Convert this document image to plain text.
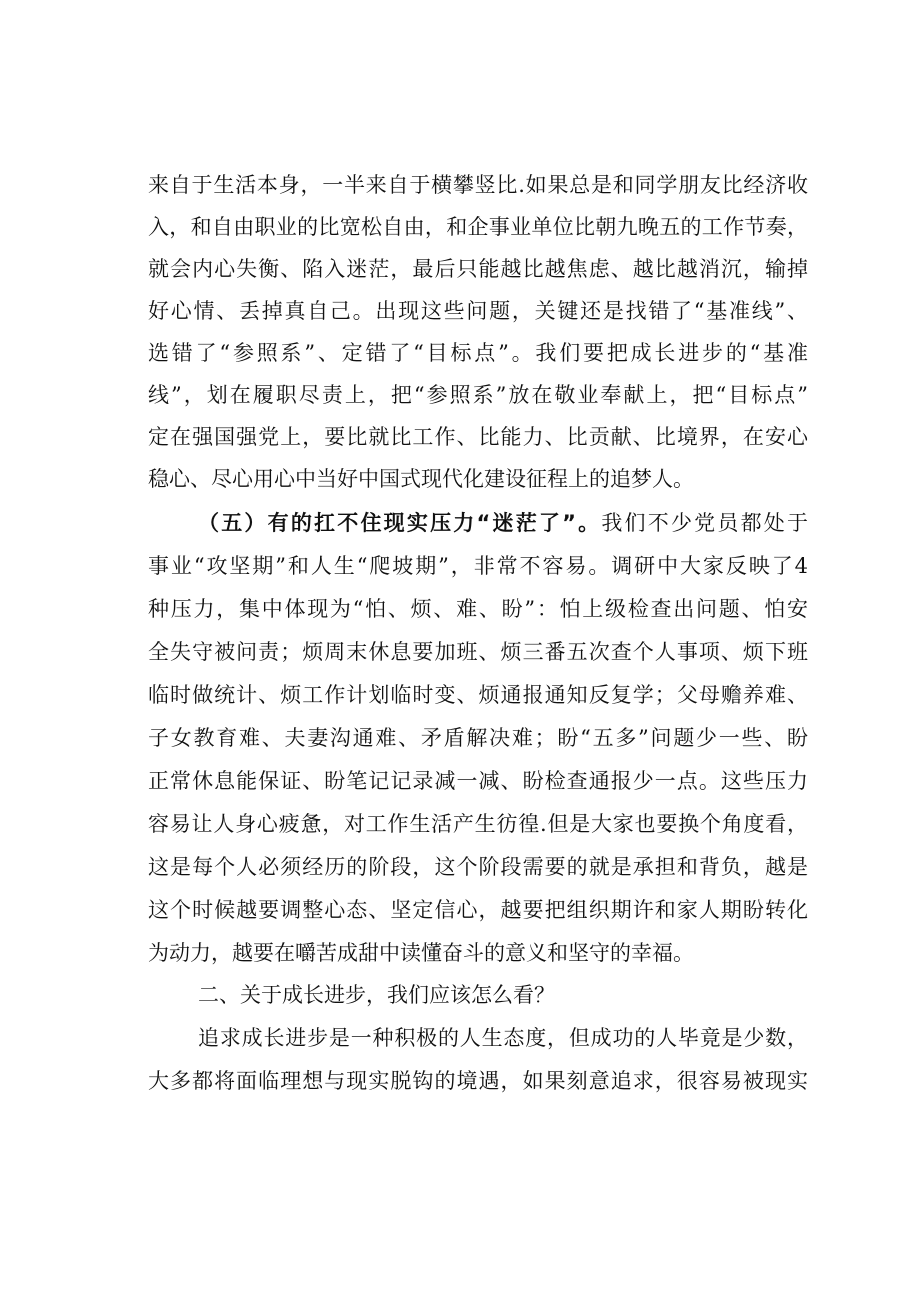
来自于生活本身，一半来自于横攀竖比.如果总是和同学朋友比经济收
入，和自由职业的比宽松自由，和企事业单位比朝九晚五的工作节奏，
就会内心失衡、陷入迷茫，最后只能越比越焦虑、越比越消沉，输掉
好心情、丢掉真自己。出现这些问题，关键还是找错了“基准线”、
选错了“参照系”、定错了“目标点”。我们要把成长进步的“基准
线”，划在履职尽责上，把“参照系”放在敬业奉献上，把“目标点”
定在强国强党上，要比就比工作、比能力、比贡献、比境界，在安心
稳心、尽心用心中当好中国式现代化建设征程上的追梦人。
（五）有的扛不住现实压力“迷茫了”。我们不少党员都处于
事业“攻坚期”和人生“爬坡期”，非常不容易。调研中大家反映了4
种压力，集中体现为“怕、烦、难、盼”：怕上级检查出问题、怕安
全失守被问责；烦周末休息要加班、烦三番五次查个人事项、烦下班
临时做统计、烦工作计划临时变、烦通报通知反复学；父母赡养难、
子女教育难、夫妻沟通难、矛盾解决难；盼“五多”问题少一些、盼
正常休息能保证、盼笔记记录减一减、盼检查通报少一点。这些压力
容易让人身心疲惫，对工作生活产生彷徨.但是大家也要换个角度看，
这是每个人必须经历的阶段，这个阶段需要的就是承担和背负，越是
这个时候越要调整心态、坚定信心，越要把组织期许和家人期盼转化
为动力，越要在嚼苦成甜中读懂奋斗的意义和坚守的幸福。
二、关于成长进步，我们应该怎么看？
追求成长进步是一种积极的人生态度，但成功的人毕竟是少数，
大多都将面临理想与现实脱钩的境遇，如果刻意追求，很容易被现实
